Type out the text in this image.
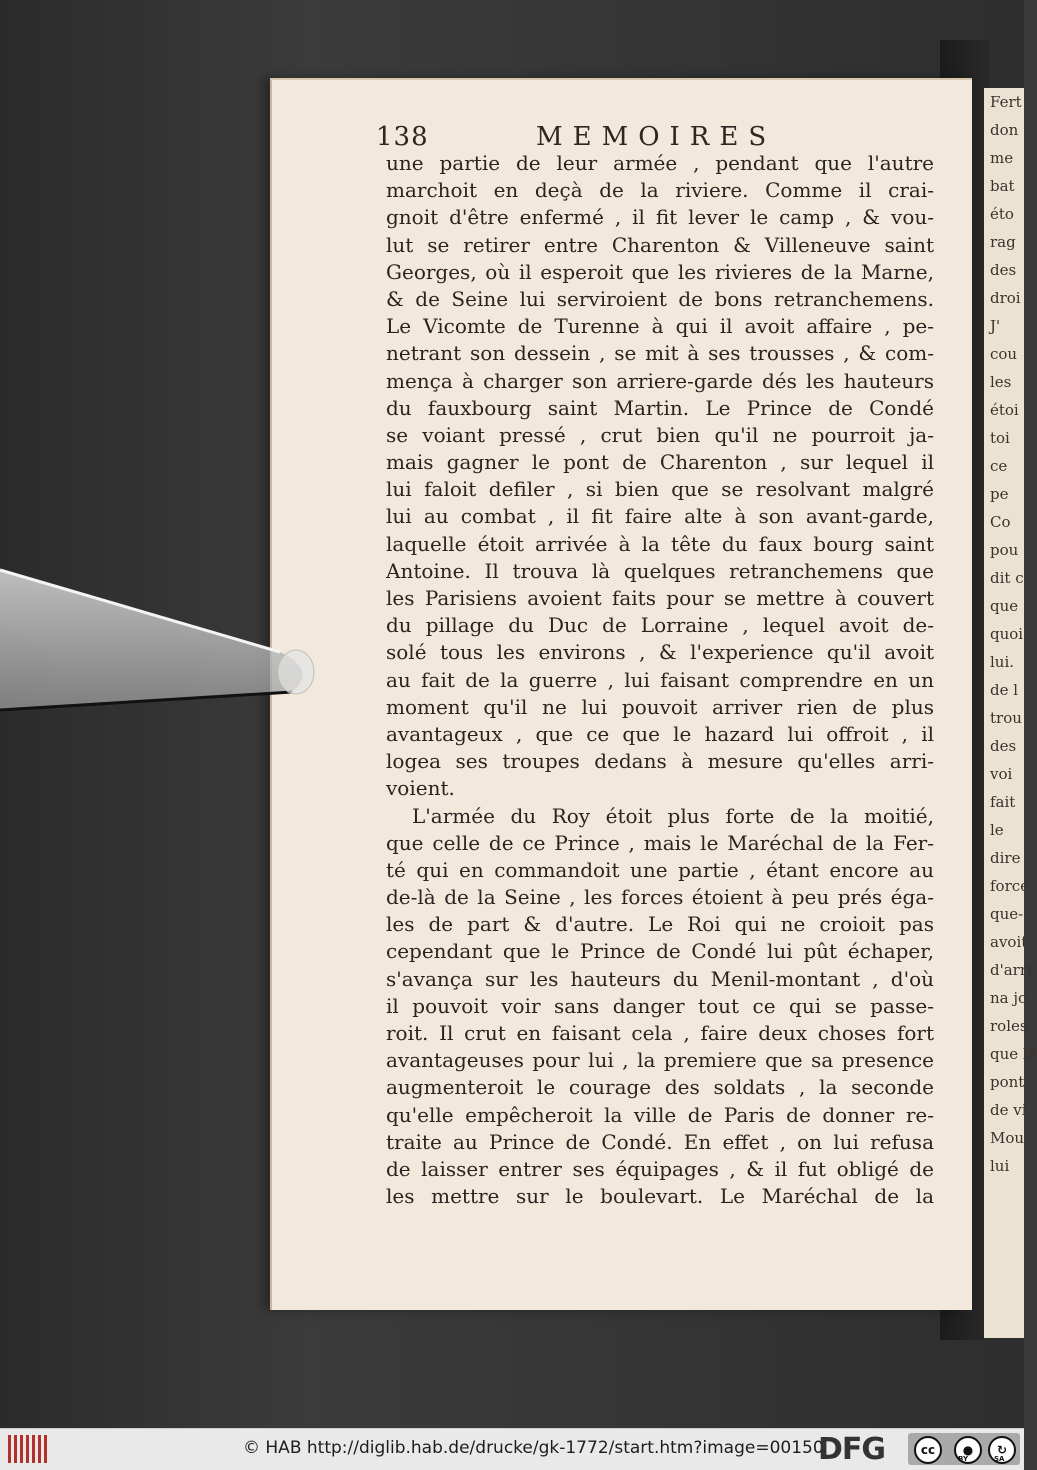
138	MEMOIRES
une partie de leur armée , pendant que l'autre
marchoit en deçà de la riviere. Comme il crai-
gnoit d'être enfermé , il fit lever le camp , & vou-
lut se retirer entre Charenton & Villeneuve saint
Georges, où il esperoit que les rivieres de la Marne,
& de Seine lui serviroient de bons retranchemens.
Le Vicomte de Turenne à qui il avoit affaire , pe-
netrant son dessein , se mit à ses trousses , & com-
mença à charger son arriere-garde dés les hauteurs
du fauxbourg saint Martin. Le Prince de Condé
se voiant pressé , crut bien qu'il ne pourroit ja-
mais gagner le pont de Charenton , sur lequel il
lui faloit defiler , si bien que se resolvant malgré
lui au combat , il fit faire alte à son avant-garde,
laquelle étoit arrivée à la tête du faux bourg saint
Antoine. Il trouva là quelques retranchemens que
les Parisiens avoient faits pour se mettre à couvert
du pillage du Duc de Lorraine , lequel avoit de-
solé tous les environs , & l'experience qu'il avoit
au fait de la guerre , lui faisant comprendre en un
moment qu'il ne lui pouvoit arriver rien de plus
avantageux , que ce que le hazard lui offroit , il
logea ses troupes dedans à mesure qu'elles arri-
voient.
L'armée du Roy étoit plus forte de la moitié,
que celle de ce Prince , mais le Maréchal de la Fer-
té qui en commandoit une partie , étant encore au
de-là de la Seine , les forces étoient à peu prés éga-
les de part & d'autre. Le Roi qui ne croioit pas
cependant que le Prince de Condé lui pût échaper,
s'avança sur les hauteurs du Menil-montant , d'où
il pouvoit voir sans danger tout ce qui se passe-
roit. Il crut en faisant cela , faire deux choses fort
avantageuses pour lui , la premiere que sa presence
augmenteroit le courage des soldats , la seconde
qu'elle empêcheroit la ville de Paris de donner re-
traite au Prince de Condé. En effet , on lui refusa
de laisser entrer ses équipages , & il fut obligé de
les mettre sur le boulevart. Le Maréchal de la
Fert
don
me
bat
éto
rag
des
droi
J'
cou
les
étoi
toi
ce
pe
Co
pou
dit c
que
quoi
lui.
de l
trou
des
voi
fait
le
dire
force
que-
avoit
d'arri
na jo
roles
que le
pont
de vi
Mou
lui
© HAB http://diglib.hab.de/drucke/gk-1772/start.htm?image=00150
DFG	cc	●	↻
BY	SA
